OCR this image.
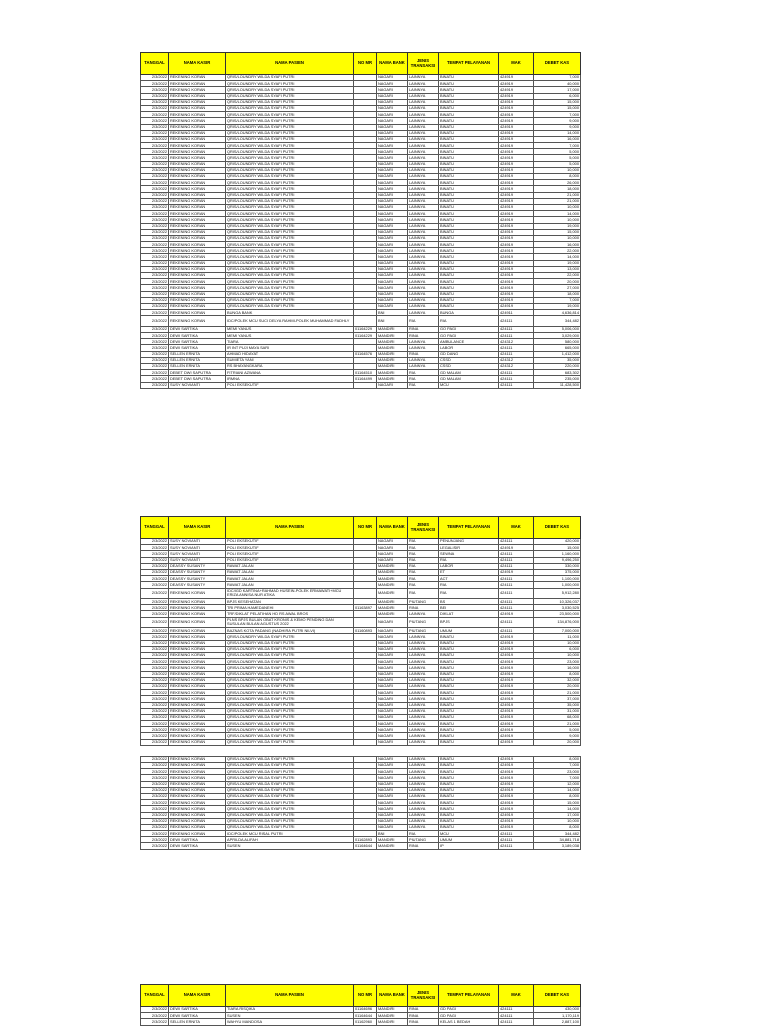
TANGGAL	NAMA KASIR	NAMA PASIEN	NO MR	NAMA BANK	JENIS TRANSAKSI	TEMPAT PELAYANAN	MAK	DEBET KAS
2/3/2022	REKENING KORAN	QRIS/LOUNDRY WILDA SYAFI PUTRI		NAGARI	LAINNYA	BINATU	424919	7,000
2/3/2022	REKENING KORAN	QRIS/LOUNDRY WILDA SYAFI PUTRI		NAGARI	LAINNYA	BINATU	424919	40,000
2/3/2022	REKENING KORAN	QRIS/LOUNDRY WILDA SYAFI PUTRI		NAGARI	LAINNYA	BINATU	424919	17,000
2/3/2022	REKENING KORAN	QRIS/LOUNDRY WILDA SYAFI PUTRI		NAGARI	LAINNYA	BINATU	424919	6,000
2/3/2022	REKENING KORAN	QRIS/LOUNDRY WILDA SYAFI PUTRI		NAGARI	LAINNYA	BINATU	424919	15,000
2/3/2022	REKENING KORAN	QRIS/LOUNDRY WILDA SYAFI PUTRI		NAGARI	LAINNYA	BINATU	424919	15,000
2/3/2022	REKENING KORAN	QRIS/LOUNDRY WILDA SYAFI PUTRI		NAGARI	LAINNYA	BINATU	424919	7,000
2/3/2022	REKENING KORAN	QRIS/LOUNDRY WILDA SYAFI PUTRI		NAGARI	LAINNYA	BINATU	424919	9,000
2/3/2022	REKENING KORAN	QRIS/LOUNDRY WILDA SYAFI PUTRI		NAGARI	LAINNYA	BINATU	424919	9,000
2/3/2022	REKENING KORAN	QRIS/LOUNDRY WILDA SYAFI PUTRI		NAGARI	LAINNYA	BINATU	424919	14,000
2/3/2022	REKENING KORAN	QRIS/LOUNDRY WILDA SYAFI PUTRI		NAGARI	LAINNYA	BINATU	424919	16,000
2/3/2022	REKENING KORAN	QRIS/LOUNDRY WILDA SYAFI PUTRI		NAGARI	LAINNYA	BINATU	424919	7,000
2/3/2022	REKENING KORAN	QRIS/LOUNDRY WILDA SYAFI PUTRI		NAGARI	LAINNYA	BINATU	424919	5,000
2/3/2022	REKENING KORAN	QRIS/LOUNDRY WILDA SYAFI PUTRI		NAGARI	LAINNYA	BINATU	424919	5,000
2/3/2022	REKENING KORAN	QRIS/LOUNDRY WILDA SYAFI PUTRI		NAGARI	LAINNYA	BINATU	424919	5,000
2/3/2022	REKENING KORAN	QRIS/LOUNDRY WILDA SYAFI PUTRI		NAGARI	LAINNYA	BINATU	424919	10,000
2/3/2022	REKENING KORAN	QRIS/LOUNDRY WILDA SYAFI PUTRI		NAGARI	LAINNYA	BINATU	424919	8,000
2/3/2022	REKENING KORAN	QRIS/LOUNDRY WILDA SYAFI PUTRI		NAGARI	LAINNYA	BINATU	424919	26,000
2/3/2022	REKENING KORAN	QRIS/LOUNDRY WILDA SYAFI PUTRI		NAGARI	LAINNYA	BINATU	424919	18,000
2/3/2022	REKENING KORAN	QRIS/LOUNDRY WILDA SYAFI PUTRI		NAGARI	LAINNYA	BINATU	424919	21,000
2/3/2022	REKENING KORAN	QRIS/LOUNDRY WILDA SYAFI PUTRI		NAGARI	LAINNYA	BINATU	424919	21,000
2/3/2022	REKENING KORAN	QRIS/LOUNDRY WILDA SYAFI PUTRI		NAGARI	LAINNYA	BINATU	424919	10,000
2/3/2022	REKENING KORAN	QRIS/LOUNDRY WILDA SYAFI PUTRI		NAGARI	LAINNYA	BINATU	424919	14,000
2/3/2022	REKENING KORAN	QRIS/LOUNDRY WILDA SYAFI PUTRI		NAGARI	LAINNYA	BINATU	424919	10,000
2/3/2022	REKENING KORAN	QRIS/LOUNDRY WILDA SYAFI PUTRI		NAGARI	LAINNYA	BINATU	424919	19,000
2/3/2022	REKENING KORAN	QRIS/LOUNDRY WILDA SYAFI PUTRI		NAGARI	LAINNYA	BINATU	424919	15,000
2/3/2022	REKENING KORAN	QRIS/LOUNDRY WILDA SYAFI PUTRI		NAGARI	LAINNYA	BINATU	424919	10,000
2/3/2022	REKENING KORAN	QRIS/LOUNDRY WILDA SYAFI PUTRI		NAGARI	LAINNYA	BINATU	424919	16,000
2/3/2022	REKENING KORAN	QRIS/LOUNDRY WILDA SYAFI PUTRI		NAGARI	LAINNYA	BINATU	424919	22,000
2/3/2022	REKENING KORAN	QRIS/LOUNDRY WILDA SYAFI PUTRI		NAGARI	LAINNYA	BINATU	424919	14,000
2/3/2022	REKENING KORAN	QRIS/LOUNDRY WILDA SYAFI PUTRI		NAGARI	LAINNYA	BINATU	424919	19,000
2/3/2022	REKENING KORAN	QRIS/LOUNDRY WILDA SYAFI PUTRI		NAGARI	LAINNYA	BINATU	424919	13,000
2/3/2022	REKENING KORAN	QRIS/LOUNDRY WILDA SYAFI PUTRI		NAGARI	LAINNYA	BINATU	424919	22,000
2/3/2022	REKENING KORAN	QRIS/LOUNDRY WILDA SYAFI PUTRI		NAGARI	LAINNYA	BINATU	424919	20,000
2/3/2022	REKENING KORAN	QRIS/LOUNDRY WILDA SYAFI PUTRI		NAGARI	LAINNYA	BINATU	424919	27,000
2/3/2022	REKENING KORAN	QRIS/LOUNDRY WILDA SYAFI PUTRI		NAGARI	LAINNYA	BINATU	424919	18,000
2/3/2022	REKENING KORAN	QRIS/LOUNDRY WILDA SYAFI PUTRI		NAGARI	LAINNYA	BINATU	424919	7,000
2/3/2022	REKENING KORAN	QRIS/LOUNDRY WILDA SYAFI PUTRI		NAGARI	LAINNYA	BINATU	424919	19,000
2/3/2022	REKENING KORAN	BUNGA BANK		BNI	LAINNYA	BUNGA	424911	4,636,814
2/3/2022	REKENING KORAN	IDC/POLEK MCU SUCI DELYA RAHMI-POLEK MUHAMMAD FADHLY		BNI	RIA	RIA	424111	344,482
2/3/2022	DEWI SARTIKA	MEMI YANUS	01164229	MANDIRI	RINA	GO PAGI	424111	5,006,000
2/3/2022	DEWI SARTIKA	MEMI YANUS	01164229	MANDIRI	RINA	GO PAGI	424111	3,029,000
2/3/2022	DEWI SARTIKA	TIARA		MANDIRI	LAINNYA	AMBULANCE	424312	580,000
2/3/2022	DEWI SARTIKA	IR INT PUJI MAYA SARI		MANDIRI	LAINNYA	LABOR	424111	665,000
2/3/2022	SELLEN ERNITA	AHMAD HIDAYAT	01164576	MANDIRI	RINA	GD DANG	424111	1,412,000
2/3/2022	SELLEN ERNITA	SUMIETA YANI		MANDIRI	LAINNYA	CSSD	424312	35,000
2/3/2022	SELLEN ERNITA	RS BHAYANGKARA		MANDIRI	LAINNYA	CSSD	424312	220,000
2/3/2022	DEBET DWI SAPUTRA	FITRIANI AZWANA	01164510	MANDIRI	RIA	GD MALAM	424111	683,302
2/3/2022	DEBET DWI SAPUTRA	IRMNA	01164499	MANDIRI	RIA	GD MALAM	424111	235,000
2/3/2022	SUSY NOVIANTI	POLI EKSEKUTIF		NAGARI	RIA	MCU	424111	11,428,500
TANGGAL	NAMA KASIR	NAMA PASIEN	NO MR	NAMA BANK	JENIS TRANSAKSI	TEMPAT PELAYANAN	MAK	DEBET KAS
2/3/2022	SUSY NOVIANTI	POLI EKSEKUTIF		NAGARI	RIA	PENUNJANG	424111	420,000
2/3/2022	SUSY NOVIANTI	POLI EKSEKUTIF		NAGARI	RIA	LEGALISIR	424919	15,000
2/3/2022	SUSY NOVIANTI	POLI EKSEKUTIF		NAGARI	RIA	SEWNA	424111	1,160,000
2/3/2022	SUSY NOVIANTI	POLI EKSEKUTIF		NAGARI	RIA	RIA	424111	9,496,250
2/3/2022	DEASSY SUSANTY	RAWAT JALAN		MANDIRI	RIA	LABOR	424111	330,000
2/3/2022	DEASSY SUSANTY	RAWAT JALAN		MANDIRI	RIA	ET	424919	375,000
2/3/2022	DEASSY SUSANTY	RAWAT JALAN		MANDIRI	RIA	ACT	424111	1,100,000
2/3/2022	DEASSY SUSANTY	RAWAT JALAN		MANDIRI	RIA	RIA	424111	1,000,000
2/3/2022	REKENING KORAN	IDC/IGD KARTINA+RAHMAD HUSEIN-POLEK ERMAWATI+MCU ERIZA ANNISA NUR ATIKA		MANDIRI	RIA	RIA	424111	5,912,280
2/3/2022	REKENING KORAN	BPJS KESEHATAN		MANDIRI	PIUTANG	BS	424111	10,326,037
2/3/2022	REKENING KORAN	TRI PRIMA HAMEDANEHI	01163897	MANDIRI	RINA	BEI	424111	3,030,525
2/3/2022	REKENING KORAN	TRF/DIKLAT PELATIHAN HD RS AWAL BROS		MANDIRI	LAINNYA	DIKLAT	424919	23,500,000
2/3/2022	REKENING KORAN	PLNS BPJS BULAN OBAT KRONIS & KEMO PENDING DAN SUSULAN BULAN AGUSTUS 2022		NAGARI	PIUTANG	BPJS	424111	134,876,000
2/3/2022	REKENING KORAN	BAZNAS KOTA PADANG (NADHIRA PUTRI NILVI)	01160893	NAGARI	PIUTANG	UMUM	424111	7,000,000
2/3/2022	REKENING KORAN	QRIS/LOUNDRY WILDA SYAFI PUTRI		NAGARI	LAINNYA	BINATU	424919	11,000
2/3/2022	REKENING KORAN	QRIS/LOUNDRY WILDA SYAFI PUTRI		NAGARI	LAINNYA	BINATU	424919	10,000
2/3/2022	REKENING KORAN	QRIS/LOUNDRY WILDA SYAFI PUTRI		NAGARI	LAINNYA	BINATU	424919	6,000
2/3/2022	REKENING KORAN	QRIS/LOUNDRY WILDA SYAFI PUTRI		NAGARI	LAINNYA	BINATU	424919	10,000
2/3/2022	REKENING KORAN	QRIS/LOUNDRY WILDA SYAFI PUTRI		NAGARI	LAINNYA	BINATU	424919	23,000
2/3/2022	REKENING KORAN	QRIS/LOUNDRY WILDA SYAFI PUTRI		NAGARI	LAINNYA	BINATU	424919	16,000
2/3/2022	REKENING KORAN	QRIS/LOUNDRY WILDA SYAFI PUTRI		NAGARI	LAINNYA	BINATU	424919	8,000
2/3/2022	REKENING KORAN	QRIS/LOUNDRY WILDA SYAFI PUTRI		NAGARI	LAINNYA	BINATU	424919	32,000
2/3/2022	REKENING KORAN	QRIS/LOUNDRY WILDA SYAFI PUTRI		NAGARI	LAINNYA	BINATU	424919	20,000
2/3/2022	REKENING KORAN	QRIS/LOUNDRY WILDA SYAFI PUTRI		NAGARI	LAINNYA	BINATU	424919	21,000
2/3/2022	REKENING KORAN	QRIS/LOUNDRY WILDA SYAFI PUTRI		NAGARI	LAINNYA	BINATU	424919	37,000
2/3/2022	REKENING KORAN	QRIS/LOUNDRY WILDA SYAFI PUTRI		NAGARI	LAINNYA	BINATU	424919	35,000
2/3/2022	REKENING KORAN	QRIS/LOUNDRY WILDA SYAFI PUTRI		NAGARI	LAINNYA	BINATU	424919	31,000
2/3/2022	REKENING KORAN	QRIS/LOUNDRY WILDA SYAFI PUTRI		NAGARI	LAINNYA	BINATU	424919	68,000
2/3/2022	REKENING KORAN	QRIS/LOUNDRY WILDA SYAFI PUTRI		NAGARI	LAINNYA	BINATU	424919	21,000
2/3/2022	REKENING KORAN	QRIS/LOUNDRY WILDA SYAFI PUTRI		NAGARI	LAINNYA	BINATU	424919	5,000
2/3/2022	REKENING KORAN	QRIS/LOUNDRY WILDA SYAFI PUTRI		NAGARI	LAINNYA	BINATU	424919	9,000
2/3/2022	REKENING KORAN	QRIS/LOUNDRY WILDA SYAFI PUTRI		NAGARI	LAINNYA	BINATU	424919	20,000

2/3/2022	REKENING KORAN	QRIS/LOUNDRY WILDA SYAFI PUTRI		NAGARI	LAINNYA	BINATU	424919	8,000
2/3/2022	REKENING KORAN	QRIS/LOUNDRY WILDA SYAFI PUTRI		NAGARI	LAINNYA	BINATU	424919	7,000
2/3/2022	REKENING KORAN	QRIS/LOUNDRY WILDA SYAFI PUTRI		NAGARI	LAINNYA	BINATU	424919	23,000
2/3/2022	REKENING KORAN	QRIS/LOUNDRY WILDA SYAFI PUTRI		NAGARI	LAINNYA	BINATU	424919	7,000
2/3/2022	REKENING KORAN	QRIS/LOUNDRY WILDA SYAFI PUTRI		NAGARI	LAINNYA	BINATU	424919	12,000
2/3/2022	REKENING KORAN	QRIS/LOUNDRY WILDA SYAFI PUTRI		NAGARI	LAINNYA	BINATU	424919	14,000
2/3/2022	REKENING KORAN	QRIS/LOUNDRY WILDA SYAFI PUTRI		NAGARI	LAINNYA	BINATU	424919	8,000
2/3/2022	REKENING KORAN	QRIS/LOUNDRY WILDA SYAFI PUTRI		NAGARI	LAINNYA	BINATU	424919	15,000
2/3/2022	REKENING KORAN	QRIS/LOUNDRY WILDA SYAFI PUTRI		NAGARI	LAINNYA	BINATU	424919	14,000
2/3/2022	REKENING KORAN	QRIS/LOUNDRY WILDA SYAFI PUTRI		NAGARI	LAINNYA	BINATU	424919	17,000
2/3/2022	REKENING KORAN	QRIS/LOUNDRY WILDA SYAFI PUTRI		NAGARI	LAINNYA	BINATU	424919	10,000
2/3/2022	REKENING KORAN	QRIS/LOUNDRY WILDA SYAFI PUTRI		NAGARI	LAINNYA	BINATU	424919	8,000
2/3/2022	REKENING KORAN	IDC/POLEK MCU RISAL PUTRI		BNI	RIA	MCU	424111	344,482
2/3/2022	DEWI SARTIKA	APRILDA ALIFAH	01162893	MANDIRI	PIUTANG	UMUM	424111	34,881,718
2/3/2022	DEWI SARTIKA	SUSEN	01164644	MANDIRI	RINA	IP	424111	3,189,038
TANGGAL	NAMA KASIR	NAMA PASIEN	NO MR	NAMA BANK	JENIS TRANSAKSI	TEMPAT PELAYANAN	MAK	DEBET KAS
2/3/2022	DEWI SARTIKA	TIARA RISQIKA	01164696	MANDIRI	RINA	GD PAGI	424111	430,000
2/3/2022	DEWI SARTIKA	SUSEN	01164644	MANDIRI	RINA	GD PAGI	424111	1,170,119
2/3/2022	SELLEN ERNITA	WAHYU MANDOSA	01162960	MANDIRI	RINA	KELAS 1 BEDAH	424111	2,887,100
